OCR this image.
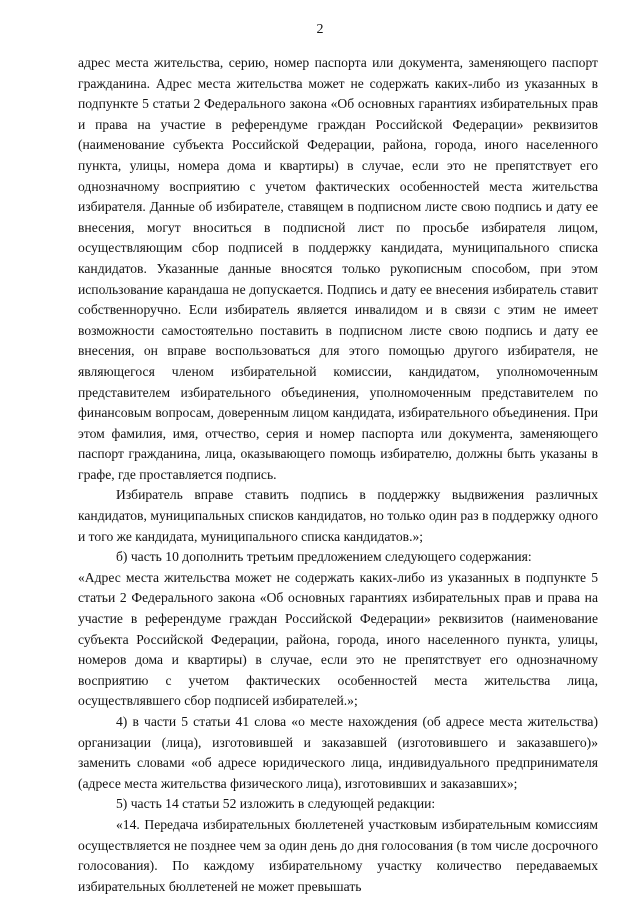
2

адрес места жительства, серию, номер паспорта или документа, заменяющего паспорт гражданина. Адрес места жительства может не содержать каких-либо из указанных в подпункте 5 статьи 2 Федерального закона «Об основных гарантиях избирательных прав и права на участие в референдуме граждан Российской Федерации» реквизитов (наименование субъекта Российской Федерации, района, города, иного населенного пункта, улицы, номера дома и квартиры) в случае, если это не препятствует его однозначному восприятию с учетом фактических особенностей места жительства избирателя. Данные об избирателе, ставящем в подписном листе свою подпись и дату ее внесения, могут вноситься в подписной лист по просьбе избирателя лицом, осуществляющим сбор подписей в поддержку кандидата, муниципального списка кандидатов. Указанные данные вносятся только рукописным способом, при этом использование карандаша не допускается. Подпись и дату ее внесения избиратель ставит собственноручно. Если избиратель является инвалидом и в связи с этим не имеет возможности самостоятельно поставить в подписном листе свою подпись и дату ее внесения, он вправе воспользоваться для этого помощью другого избирателя, не являющегося членом избирательной комиссии, кандидатом, уполномоченным представителем избирательного объединения, уполномоченным представителем по финансовым вопросам, доверенным лицом кандидата, избирательного объединения. При этом фамилия, имя, отчество, серия и номер паспорта или документа, заменяющего паспорт гражданина, лица, оказывающего помощь избирателю, должны быть указаны в графе, где проставляется подпись.

Избиратель вправе ставить подпись в поддержку выдвижения различных кандидатов, муниципальных списков кандидатов, но только один раз в поддержку одного и того же кандидата, муниципального списка кандидатов.»;

б) часть 10 дополнить третьим предложением следующего содержания:

«Адрес места жительства может не содержать каких-либо из указанных в подпункте 5 статьи 2 Федерального закона «Об основных гарантиях избирательных прав и права на участие в референдуме граждан Российской Федерации» реквизитов (наименование субъекта Российской Федерации, района, города, иного населенного пункта, улицы, номеров дома и квартиры) в случае, если это не препятствует его однозначному восприятию с учетом фактических особенностей места жительства лица, осуществлявшего сбор подписей избирателей.»;

4) в части 5 статьи 41 слова «о месте нахождения (об адресе места жительства) организации (лица), изготовившей и заказавшей (изготовившего и заказавшего)» заменить словами «об адресе юридического лица, индивидуального предпринимателя (адресе места жительства физического лица), изготовивших и заказавших»;

5) часть 14 статьи 52 изложить в следующей редакции:

«14. Передача избирательных бюллетеней участковым избирательным комиссиям осуществляется не позднее чем за один день до дня голосования (в том числе досрочного голосования). По каждому избирательному участку количество передаваемых избирательных бюллетеней не может превышать
